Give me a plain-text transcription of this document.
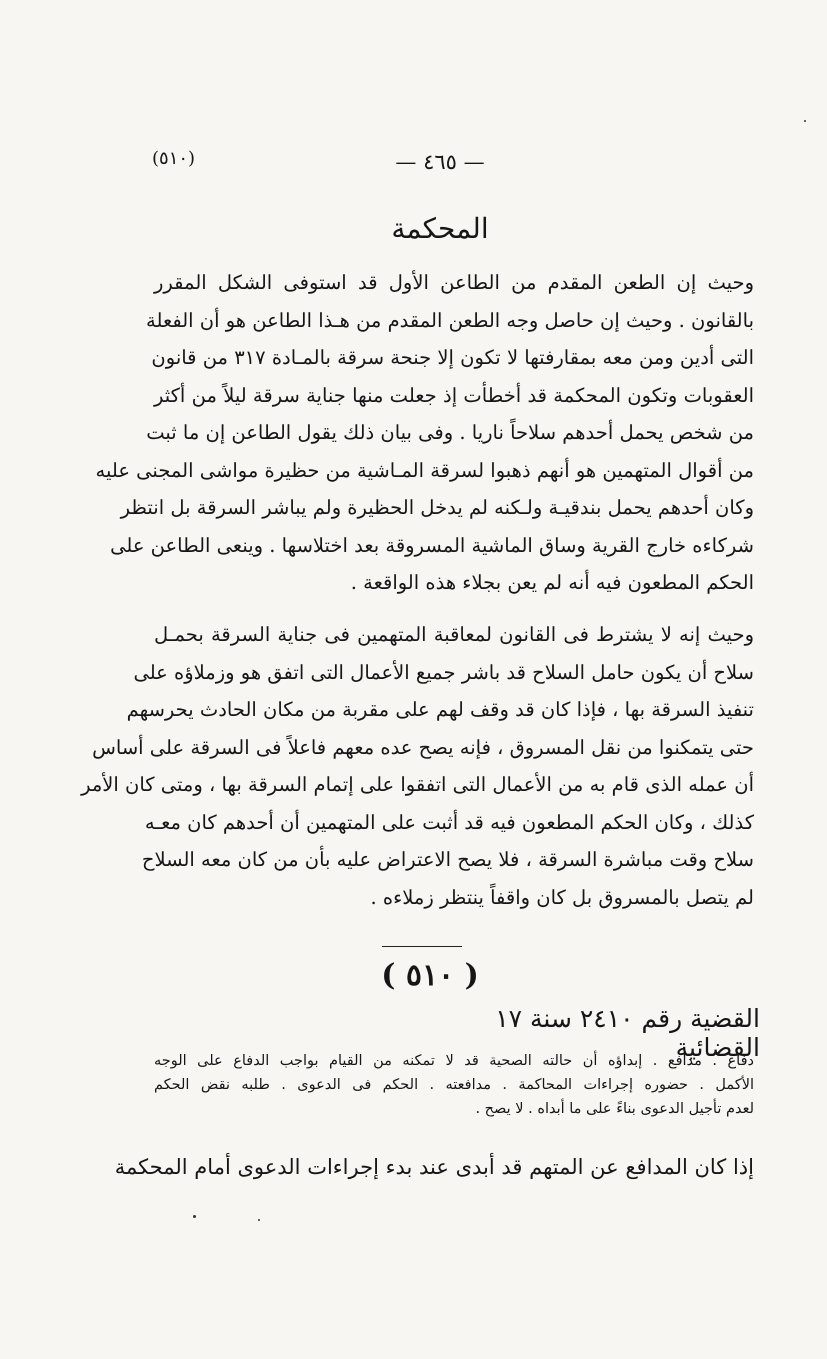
(٥١٠)	— ٤٦٥ —
المحكمة
وحيث إن الطعن المقدم من الطاعن الأول قد استوفى الشكل المقرر
بالقانون . وحيث إن حاصل وجه الطعن المقدم من هـذا الطاعن هو أن الفعلة
التى أدين ومن معه بمقارفتها لا تكون إلا جنحة سرقة بالمـادة ٣١٧ من قانون
العقوبات وتكون المحكمة قد أخطأت إذ جعلت منها جناية سرقة ليلاً من أكثر
من شخص يحمل أحدهم سلاحاً ناريا . وفى بيان ذلك يقول الطاعن إن ما ثبت
من أقوال المتهمين هو أنهم ذهبوا لسرقة المـاشية من حظيرة مواشى المجنى عليه
وكان أحدهم يحمل بندقيـة ولـكنه لم يدخل الحظيرة ولم يباشر السرقة بل انتظر
شركاءه خارج القرية وساق الماشية المسروقة بعد اختلاسها . وينعى الطاعن على
الحكم المطعون فيه أنه لم يعن بجلاء هذه الواقعة .
وحيث إنه لا يشترط فى القانون لمعاقبة المتهمين فى جناية السرقة بحمـل
سلاح أن يكون حامل السلاح قد باشر جميع الأعمال التى اتفق هو وزملاؤه على
تنفيذ السرقة بها ، فإذا كان قد وقف لهم على مقربة من مكان الحادث يحرسهم
حتى يتمكنوا من نقل المسروق ، فإنه يصح عده معهم فاعلاً فى السرقة على أساس
أن عمله الذى قام به من الأعمال التى اتفقوا على إتمام السرقة بها ، ومتى كان الأمر
كذلك ، وكان الحكم المطعون فيه قد أثبت على المتهمين أن أحدهم كان معـه
سلاح وقت مباشرة السرقة ، فلا يصح الاعتراض عليه بأن من كان معه السلاح
لم يتصل بالمسروق بل كان واقفاً ينتظر زملاءه .
( ٥١٠ )
القضية رقم ٢٤١٠ سنة ١٧ القضائية
دفاع . مدافع . إبداؤه أن حالته الصحية قد لا تمكنه من القيام بواجب الدفاع على الوجه
الأكمل . حضوره إجراءات المحاكمة . مدافعته . الحكم فى الدعوى . طلبه نقض الحكم
لعدم تأجيل الدعوى بناءً على ما أبداه . لا يصح .
إذا كان المدافع عن المتهم قد أبدى عند بدء إجراءات الدعوى أمام المحكمة
